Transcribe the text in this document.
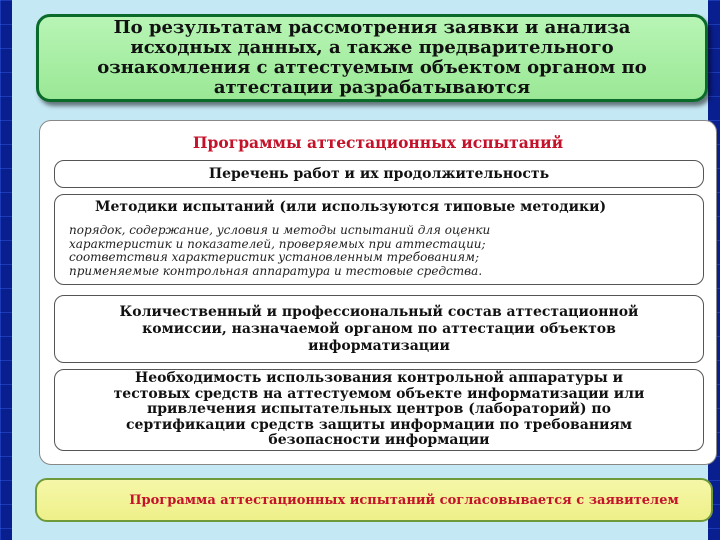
По результатам рассмотрения заявки и анализа
исходных данных, а также предварительного
ознакомления с аттестуемым объектом органом по
аттестации разрабатываются
Программы аттестационных испытаний
Перечень работ и их продолжительность
Методики испытаний (или используются типовые методики)
порядок, содержание, условия и методы испытаний для оценки
характеристик и показателей, проверяемых при аттестации;
соответствия характеристик установленным требованиям;
применяемые контрольная аппаратура и тестовые средства.
Количественный и профессиональный состав аттестационной
комиссии, назначаемой органом по аттестации объектов
информатизации
Необходимость использования контрольной аппаратуры и
тестовых средств на аттестуемом объекте информатизации или
привлечения испытательных центров (лабораторий) по
сертификации средств защиты информации по требованиям
безопасности информации
Программа аттестационных испытаний согласовывается с заявителем
